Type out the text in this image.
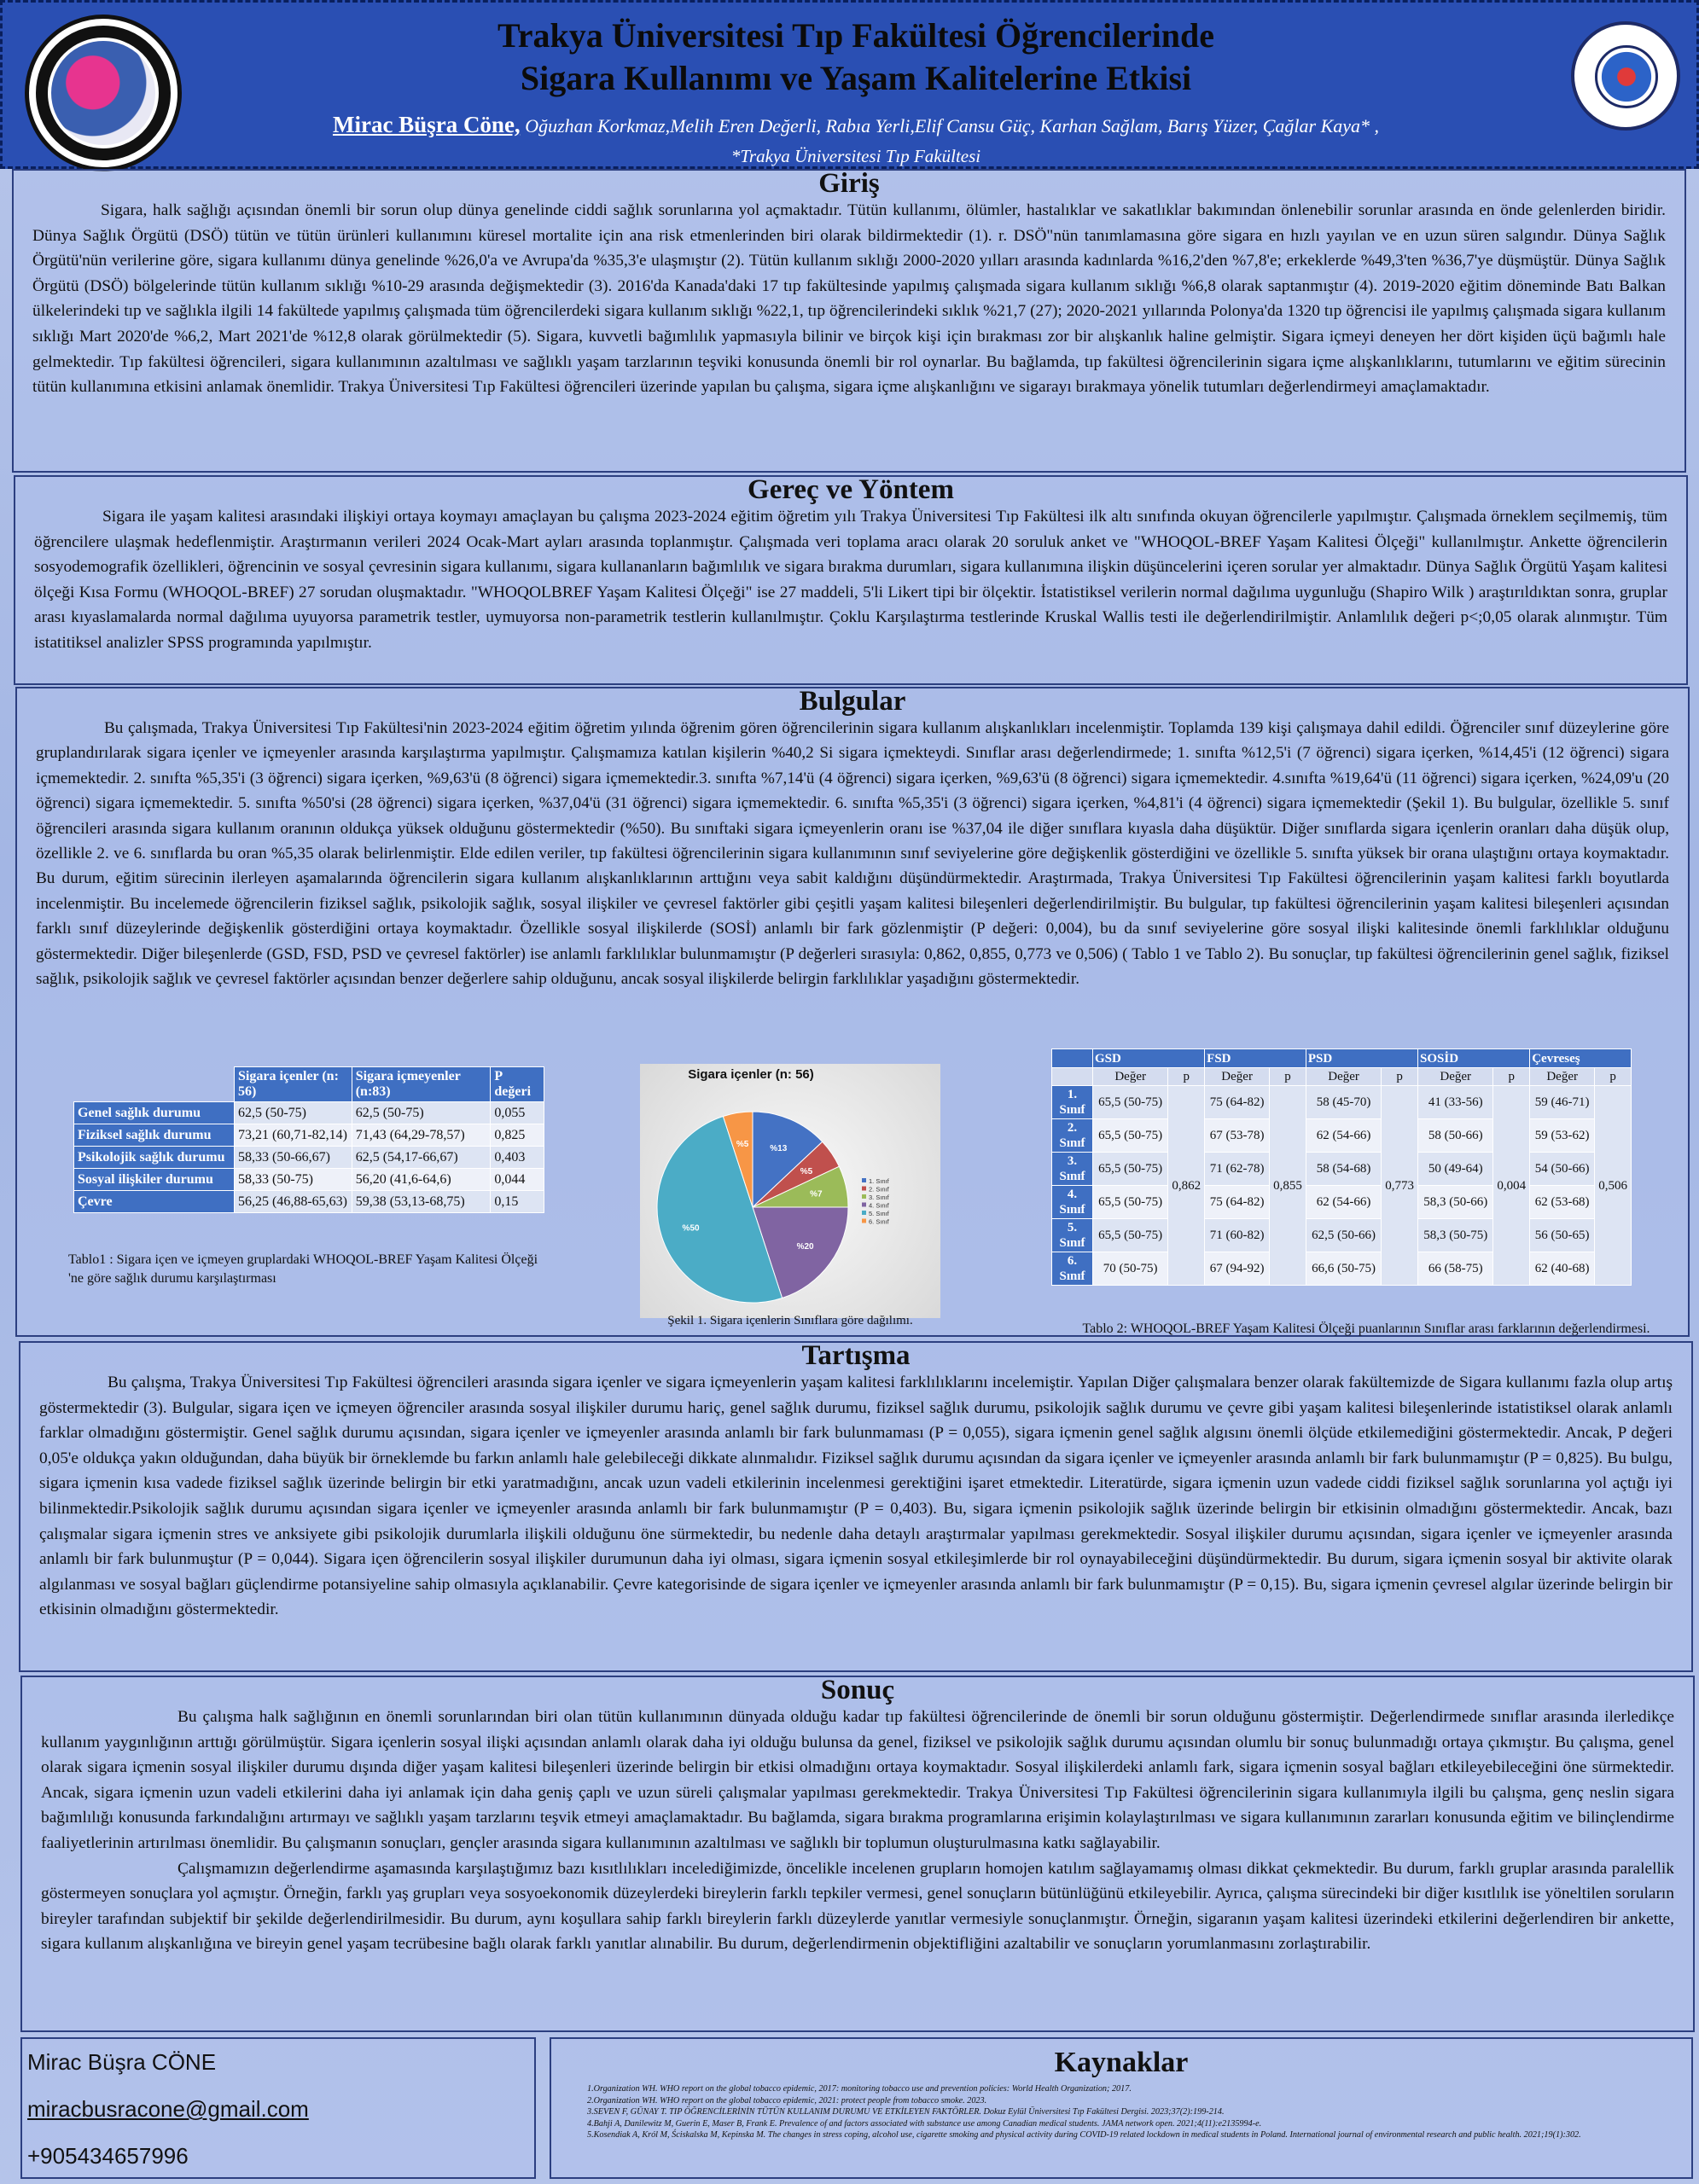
Trakya Üniversitesi Tıp Fakültesi Öğrencilerinde
Sigara Kullanımı ve Yaşam Kalitelerine Etkisi
Mirac Büşra Cöne, Oğuzhan Korkmaz,Melih Eren Değerli, Rabıa Yerli,Elif Cansu Güç, Karhan Sağlam, Barış Yüzer, Çağlar Kaya* ,
*Trakya Üniversitesi Tıp Fakültesi
Giriş

Sigara, halk sağlığı açısından önemli bir sorun olup dünya genelinde ciddi sağlık sorunlarına yol açmaktadır. Tütün kullanımı, ölümler, hastalıklar ve sakatlıklar bakımından önlenebilir sorunlar arasında en önde gelenlerden biridir. Dünya Sağlık Örgütü (DSÖ) tütün ve tütün ürünleri kullanımını küresel mortalite için ana risk etmenlerinden biri olarak bildirmektedir (1). r. DSÖ"nün tanımlamasına göre sigara en hızlı yayılan ve en uzun süren salgındır. Dünya Sağlık Örgütü'nün verilerine göre, sigara kullanımı dünya genelinde %26,0'a ve Avrupa'da %35,3'e ulaşmıştır (2). Tütün kullanım sıklığı 2000-2020 yılları arasında kadınlarda %16,2'den %7,8'e; erkeklerde %49,3'ten %36,7'ye düşmüştür. Dünya Sağlık Örgütü (DSÖ) bölgelerinde tütün kullanım sıklığı %10-29 arasında değişmektedir (3). 2016'da Kanada'daki 17 tıp fakültesinde yapılmış çalışmada sigara kullanım sıklığı %6,8 olarak saptanmıştır (4). 2019-2020 eğitim döneminde Batı Balkan ülkelerindeki tıp ve sağlıkla ilgili 14 fakültede yapılmış çalışmada tüm öğrencilerdeki sigara kullanım sıklığı %22,1, tıp öğrencilerindeki sıklık %21,7 (27); 2020-2021 yıllarında Polonya'da 1320 tıp öğrencisi ile yapılmış çalışmada sigara kullanım sıklığı Mart 2020'de %6,2, Mart 2021'de %12,8 olarak görülmektedir (5). Sigara, kuvvetli bağımlılık yapmasıyla bilinir ve birçok kişi için bırakması zor bir alışkanlık haline gelmiştir. Sigara içmeyi deneyen her dört kişiden üçü bağımlı hale gelmektedir. Tıp fakültesi öğrencileri, sigara kullanımının azaltılması ve sağlıklı yaşam tarzlarının teşviki konusunda önemli bir rol oynarlar. Bu bağlamda, tıp fakültesi öğrencilerinin sigara içme alışkanlıklarını, tutumlarını ve eğitim sürecinin tütün kullanımına etkisini anlamak önemlidir. Trakya Üniversitesi Tıp Fakültesi öğrencileri üzerinde yapılan bu çalışma, sigara içme alışkanlığını ve sigarayı bırakmaya yönelik tutumları değerlendirmeyi amaçlamaktadır.

Gereç ve Yöntem

Sigara ile yaşam kalitesi arasındaki ilişkiyi ortaya koymayı amaçlayan bu çalışma 2023-2024 eğitim öğretim yılı Trakya Üniversitesi Tıp Fakültesi ilk altı sınıfında okuyan öğrencilerle yapılmıştır. Çalışmada örneklem seçilmemiş, tüm öğrencilere ulaşmak hedeflenmiştir. Araştırmanın verileri 2024 Ocak-Mart ayları arasında toplanmıştır. Çalışmada veri toplama aracı olarak 20 soruluk anket ve "WHOQOL-BREF Yaşam Kalitesi Ölçeği" kullanılmıştır. Ankette öğrencilerin sosyodemografik özellikleri, öğrencinin ve sosyal çevresinin sigara kullanımı, sigara kullananların bağımlılık ve sigara bırakma durumları, sigara kullanımına ilişkin düşüncelerini içeren sorular yer almaktadır. Dünya Sağlık Örgütü Yaşam kalitesi ölçeği Kısa Formu (WHOQOL-BREF) 27 sorudan oluşmaktadır. "WHOQOLBREF Yaşam Kalitesi Ölçeği" ise 27 maddeli, 5'li Likert tipi bir ölçektir. İstatistiksel verilerin normal dağılıma uygunluğu (Shapiro Wilk ) araştırıldıktan sonra, gruplar arası kıyaslamalarda normal dağılıma uyuyorsa parametrik testler, uymuyorsa non-parametrik testlerin kullanılmıştır. Çoklu Karşılaştırma testlerinde Kruskal Wallis testi ile değerlendirilmiştir. Anlamlılık değeri p<;0,05 olarak alınmıştır. Tüm istatitiksel analizler SPSS programında yapılmıştır.

Bulgular

Bu çalışmada, Trakya Üniversitesi Tıp Fakültesi'nin 2023-2024 eğitim öğretim yılında öğrenim gören öğrencilerinin sigara kullanım alışkanlıkları incelenmiştir. Toplamda 139 kişi çalışmaya dahil edildi. Öğrenciler sınıf düzeylerine göre gruplandırılarak sigara içenler ve içmeyenler arasında karşılaştırma yapılmıştır. Çalışmamıza katılan kişilerin %40,2 Si sigara içmekteydi. Sınıflar arası değerlendirmede; 1. sınıfta %12,5'i (7 öğrenci) sigara içerken, %14,45'i (12 öğrenci) sigara içmemektedir. 2. sınıfta %5,35'i (3 öğrenci) sigara içerken, %9,63'ü (8 öğrenci) sigara içmemektedir.3. sınıfta %7,14'ü (4 öğrenci) sigara içerken, %9,63'ü (8 öğrenci) sigara içmemektedir. 4.sınıfta %19,64'ü (11 öğrenci) sigara içerken, %24,09'u (20 öğrenci) sigara içmemektedir. 5. sınıfta %50'si (28 öğrenci) sigara içerken, %37,04'ü (31 öğrenci) sigara içmemektedir. 6. sınıfta %5,35'i (3 öğrenci) sigara içerken, %4,81'i (4 öğrenci) sigara içmemektedir (Şekil 1). Bu bulgular, özellikle 5. sınıf öğrencileri arasında sigara kullanım oranının oldukça yüksek olduğunu göstermektedir (%50). Bu sınıftaki sigara içmeyenlerin oranı ise %37,04 ile diğer sınıflara kıyasla daha düşüktür. Diğer sınıflarda sigara içenlerin oranları daha düşük olup, özellikle 2. ve 6. sınıflarda bu oran %5,35 olarak belirlenmiştir. Elde edilen veriler, tıp fakültesi öğrencilerinin sigara kullanımının sınıf seviyelerine göre değişkenlik gösterdiğini ve özellikle 5. sınıfta yüksek bir orana ulaştığını ortaya koymaktadır. Bu durum, eğitim sürecinin ilerleyen aşamalarında öğrencilerin sigara kullanım alışkanlıklarının arttığını veya sabit kaldığını düşündürmektedir. Araştırmada, Trakya Üniversitesi Tıp Fakültesi öğrencilerinin yaşam kalitesi farklı boyutlarda incelenmiştir. Bu incelemede öğrencilerin fiziksel sağlık, psikolojik sağlık, sosyal ilişkiler ve çevresel faktörler gibi çeşitli yaşam kalitesi bileşenleri değerlendirilmiştir. Bu bulgular, tıp fakültesi öğrencilerinin yaşam kalitesi bileşenleri açısından farklı sınıf düzeylerinde değişkenlik gösterdiğini ortaya koymaktadır. Özellikle sosyal ilişkilerde (SOSİ) anlamlı bir fark gözlenmiştir (P değeri: 0,004), bu da sınıf seviyelerine göre sosyal ilişki kalitesinde önemli farklılıklar olduğunu göstermektedir. Diğer bileşenlerde (GSD, FSD, PSD ve çevresel faktörler) ise anlamlı farklılıklar bulunmamıştır (P değerleri sırasıyla: 0,862, 0,855, 0,773 ve 0,506) ( Tablo 1 ve Tablo 2). Bu sonuçlar, tıp fakültesi öğrencilerinin genel sağlık, fiziksel sağlık, psikolojik sağlık ve çevresel faktörler açısından benzer değerlere sahip olduğunu, ancak sosyal ilişkilerde belirgin farklılıklar yaşadığını göstermektedir.

	Sigara içenler (n: 56)	Sigara içmeyenler (n:83)	P değeri
Genel sağlık durumu	62,5 (50-75)	62,5 (50-75)	0,055
Fiziksel sağlık durumu	73,21 (60,71-82,14)	71,43 (64,29-78,57)	0,825
Psikolojik sağlık durumu	58,33 (50-66,67)	62,5 (54,17-66,67)	0,403
Sosyal ilişkiler durumu	58,33 (50-75)	56,20 (41,6-64,6)	0,044
Çevre	56,25 (46,88-65,63)	59,38 (53,13-68,75)	0,15
Tablo1 : Sigara içen ve içmeyen gruplardaki WHOQOL-BREF Yaşam Kalitesi Ölçeği 'ne göre sağlık durumu karşılaştırması
Sigara içenler (n: 56)
%13
%5
%7
%20
%50
%5
1. Sınıf
2. Sınıf
3. Sınıf
4. Sınıf
5. Sınıf
6. Sınıf
Şekil 1. Sigara içenlerin Sınıflara göre dağılımı.
	GSD		FSD		PSD		SOSİD		Çevreseş	
	Değer	p	Değer	p	Değer	p	Değer	p	Değer	p
1. Sınıf	65,5 (50-75)	0,862	75 (64-82)	0,855	58 (45-70)	0,773	41 (33-56)	0,004	59 (46-71)	0,506
2. Sınıf	65,5 (50-75)		67 (53-78)		62 (54-66)		58 (50-66)		59 (53-62)	
3. Sınıf	65,5 (50-75)		71 (62-78)		58 (54-68)		50 (49-64)		54 (50-66)	
4. Sınıf	65,5 (50-75)		75 (64-82)		62 (54-66)		58,3 (50-66)		62 (53-68)	
5. Sınıf	65,5 (50-75)		71 (60-82)		62,5 (50-66)		58,3 (50-75)		56 (50-65)	
6. Sınıf	70 (50-75)		67 (94-92)		66,6 (50-75)		66 (58-75)		62 (40-68)	
Tablo 2: WHOQOL-BREF Yaşam Kalitesi Ölçeği puanlarının Sınıflar arası farklarının değerlendirmesi.
Tartışma

Bu çalışma, Trakya Üniversitesi Tıp Fakültesi öğrencileri arasında sigara içenler ve sigara içmeyenlerin yaşam kalitesi farklılıklarını incelemiştir. Yapılan Diğer çalışmalara benzer olarak fakültemizde de Sigara kullanımı fazla olup artış göstermektedir (3). Bulgular, sigara içen ve içmeyen öğrenciler arasında sosyal ilişkiler durumu hariç, genel sağlık durumu, fiziksel sağlık durumu, psikolojik sağlık durumu ve çevre gibi yaşam kalitesi bileşenlerinde istatistiksel olarak anlamlı farklar olmadığını göstermiştir. Genel sağlık durumu açısından, sigara içenler ve içmeyenler arasında anlamlı bir fark bulunmaması (P = 0,055), sigara içmenin genel sağlık algısını önemli ölçüde etkilemediğini göstermektedir. Ancak, P değeri 0,05'e oldukça yakın olduğundan, daha büyük bir örneklemde bu farkın anlamlı hale gelebileceği dikkate alınmalıdır. Fiziksel sağlık durumu açısından da sigara içenler ve içmeyenler arasında anlamlı bir fark bulunmamıştır (P = 0,825). Bu bulgu, sigara içmenin kısa vadede fiziksel sağlık üzerinde belirgin bir etki yaratmadığını, ancak uzun vadeli etkilerinin incelenmesi gerektiğini işaret etmektedir. Literatürde, sigara içmenin uzun vadede ciddi fiziksel sağlık sorunlarına yol açtığı iyi bilinmektedir.Psikolojik sağlık durumu açısından sigara içenler ve içmeyenler arasında anlamlı bir fark bulunmamıştır (P = 0,403). Bu, sigara içmenin psikolojik sağlık üzerinde belirgin bir etkisinin olmadığını göstermektedir. Ancak, bazı çalışmalar sigara içmenin stres ve anksiyete gibi psikolojik durumlarla ilişkili olduğunu öne sürmektedir, bu nedenle daha detaylı araştırmalar yapılması gerekmektedir. Sosyal ilişkiler durumu açısından, sigara içenler ve içmeyenler arasında anlamlı bir fark bulunmuştur (P = 0,044). Sigara içen öğrencilerin sosyal ilişkiler durumunun daha iyi olması, sigara içmenin sosyal etkileşimlerde bir rol oynayabileceğini düşündürmektedir. Bu durum, sigara içmenin sosyal bir aktivite olarak algılanması ve sosyal bağları güçlendirme potansiyeline sahip olmasıyla açıklanabilir. Çevre kategorisinde de sigara içenler ve içmeyenler arasında anlamlı bir fark bulunmamıştır (P = 0,15). Bu, sigara içmenin çevresel algılar üzerinde belirgin bir etkisinin olmadığını göstermektedir.

Sonuç

Bu çalışma halk sağlığının en önemli sorunlarından biri olan tütün kullanımının dünyada olduğu kadar tıp fakültesi öğrencilerinde de önemli bir sorun olduğunu göstermiştir. Değerlendirmede sınıflar arasında ilerledikçe kullanım yaygınlığının arttığı görülmüştür. Sigara içenlerin sosyal ilişki açısından anlamlı olarak daha iyi olduğu bulunsa da genel, fiziksel ve psikolojik sağlık durumu açısından olumlu bir sonuç bulunmadığı ortaya çıkmıştır. Bu çalışma, genel olarak sigara içmenin sosyal ilişkiler durumu dışında diğer yaşam kalitesi bileşenleri üzerinde belirgin bir etkisi olmadığını ortaya koymaktadır. Sosyal ilişkilerdeki anlamlı fark, sigara içmenin sosyal bağları etkileyebileceğini öne sürmektedir. Ancak, sigara içmenin uzun vadeli etkilerini daha iyi anlamak için daha geniş çaplı ve uzun süreli çalışmalar yapılması gerekmektedir. Trakya Üniversitesi Tıp Fakültesi öğrencilerinin sigara kullanımıyla ilgili bu çalışma, genç neslin sigara bağımlılığı konusunda farkındalığını artırmayı ve sağlıklı yaşam tarzlarını teşvik etmeyi amaçlamaktadır. Bu bağlamda, sigara bırakma programlarına erişimin kolaylaştırılması ve sigara kullanımının zararları konusunda eğitim ve bilinçlendirme faaliyetlerinin artırılması önemlidir. Bu çalışmanın sonuçları, gençler arasında sigara kullanımının azaltılması ve sağlıklı bir toplumun oluşturulmasına katkı sağlayabilir.

Çalışmamızın değerlendirme aşamasında karşılaştığımız bazı kısıtlılıkları incelediğimizde, öncelikle incelenen grupların homojen katılım sağlayamamış olması dikkat çekmektedir. Bu durum, farklı gruplar arasında paralellik göstermeyen sonuçlara yol açmıştır. Örneğin, farklı yaş grupları veya sosyoekonomik düzeylerdeki bireylerin farklı tepkiler vermesi, genel sonuçların bütünlüğünü etkileyebilir. Ayrıca, çalışma sürecindeki bir diğer kısıtlılık ise yöneltilen soruların bireyler tarafından subjektif bir şekilde değerlendirilmesidir. Bu durum, aynı koşullara sahip farklı bireylerin farklı düzeylerde yanıtlar vermesiyle sonuçlanmıştır. Örneğin, sigaranın yaşam kalitesi üzerindeki etkilerini değerlendiren bir ankette, sigara kullanım alışkanlığına ve bireyin genel yaşam tecrübesine bağlı olarak farklı yanıtlar alınabilir. Bu durum, değerlendirmenin objektifliğini azaltabilir ve sonuçların yorumlanmasını zorlaştırabilir.

Mirac Büşra CÖNE
miracbusracone@gmail.com
+905434657996
Kaynaklar
1.Organization WH. WHO report on the global tobacco epidemic, 2017: monitoring tobacco use and prevention policies: World Health Organization; 2017.
2.Organization WH. WHO report on the global tobacco epidemic, 2021: protect people from tobacco smoke. 2023.
3.SEVEN F, GÜNAY T. TIP ÖĞRENCİLERİNİN TÜTÜN KULLANIM DURUMU VE ETKİLEYEN FAKTÖRLER. Dokuz Eylül Üniversitesi Tıp Fakültesi Dergisi. 2023;37(2):199-214.
4.Bahji A, Danilewitz M, Guerin E, Maser B, Frank E. Prevalence of and factors associated with substance use among Canadian medical students. JAMA network open. 2021;4(11):e2135994-e.
5.Kosendiak A, Król M, Ściskalska M, Kepinska M. The changes in stress coping, alcohol use, cigarette smoking and physical activity during COVID-19 related lockdown in medical students in Poland. International journal of environmental research and public health. 2021;19(1):302.
